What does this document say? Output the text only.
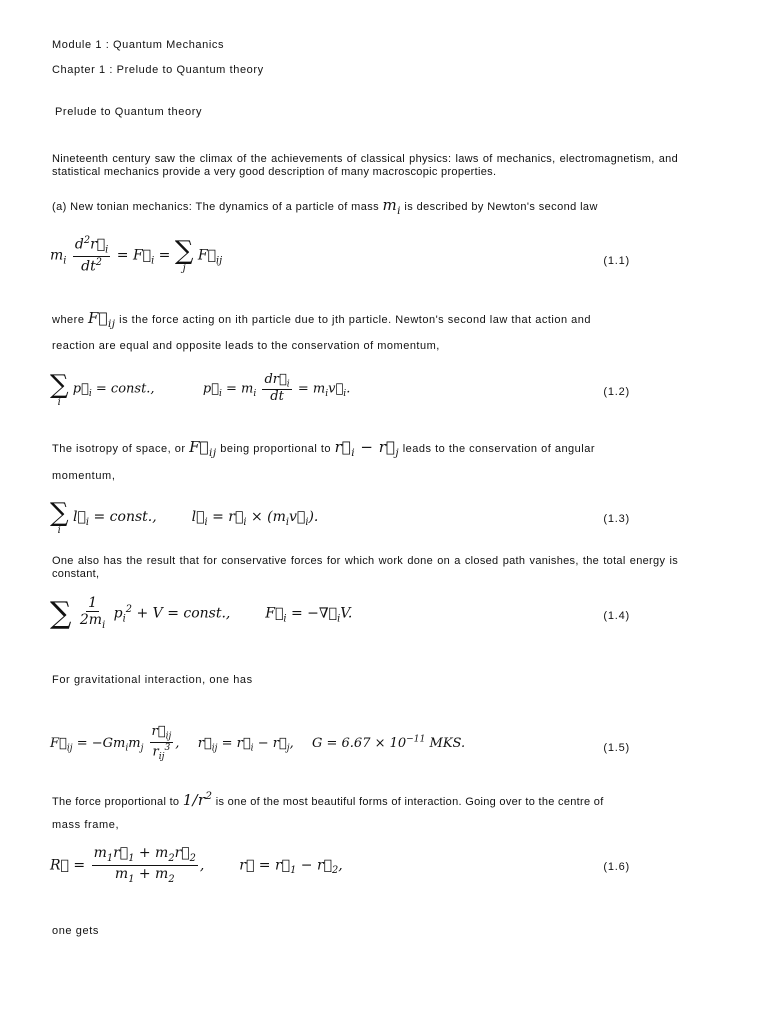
Module 1 : Quantum Mechanics
Chapter 1 : Prelude to Quantum theory
Prelude to Quantum theory
Nineteenth century saw the climax of the achievements of classical physics: laws of mechanics, electromagnetism, and statistical mechanics provide a very good description of many macroscopic properties.
(a) New tonian mechanics: The dynamics of a particle of mass $m_i$ is described by Newton's second law
$m_i \frac{d^2r⃗_i}{dt^2}$ = $F⃗_i$ = ∑
j
$F⃗_{ij}$	(1.1)
where $F⃗_{ij}$ is the force acting on ith particle due to jth particle. Newton's second law that action and
reaction are equal and opposite leads to the conservation of momentum,
∑
i
$p⃗_i$ = const.,	$p⃗_i = m_i \frac{dr⃗_i}{dt}$ = $m_iv⃗_i$.	(1.2)
The isotropy of space, or $F⃗_{ij}$ being proportional to $r⃗_i$ − $r⃗_j$ leads to the conservation of angular
momentum,
∑
i
$l⃗_i$ = const.,  $l⃗_i$ = $r⃗_i$ × $(m_iv⃗_i)$.	(1.3)
One also has the result that for conservative forces for which work done on a closed path vanishes, the total energy is constant,
∑ $\frac{1}{2m_i} p_i^2 + V$ = const.,  $F⃗_i$ = $-\nabla⃗_iV$.	(1.4)
For gravitational interaction, one has
$F⃗_{ij} = -Gm_im_j \frac{r⃗_{ij}}{r_{ij}^3}$ ,  $r⃗_{ij}$ = $r⃗_i$ − $r⃗_j$,  $G = 6.67 \times 10^{-11}$ MKS.	(1.5)
The force proportional to $1/r^2$ is one of the most beautiful forms of interaction. Going over to the centre of
mass frame,
R⃗ = $\frac{m_1r⃗_1 + m_2r⃗_2}{m_1 + m_2}$ ,  r⃗ = $r⃗_1$ − $r⃗_2$,	(1.6)
one gets
